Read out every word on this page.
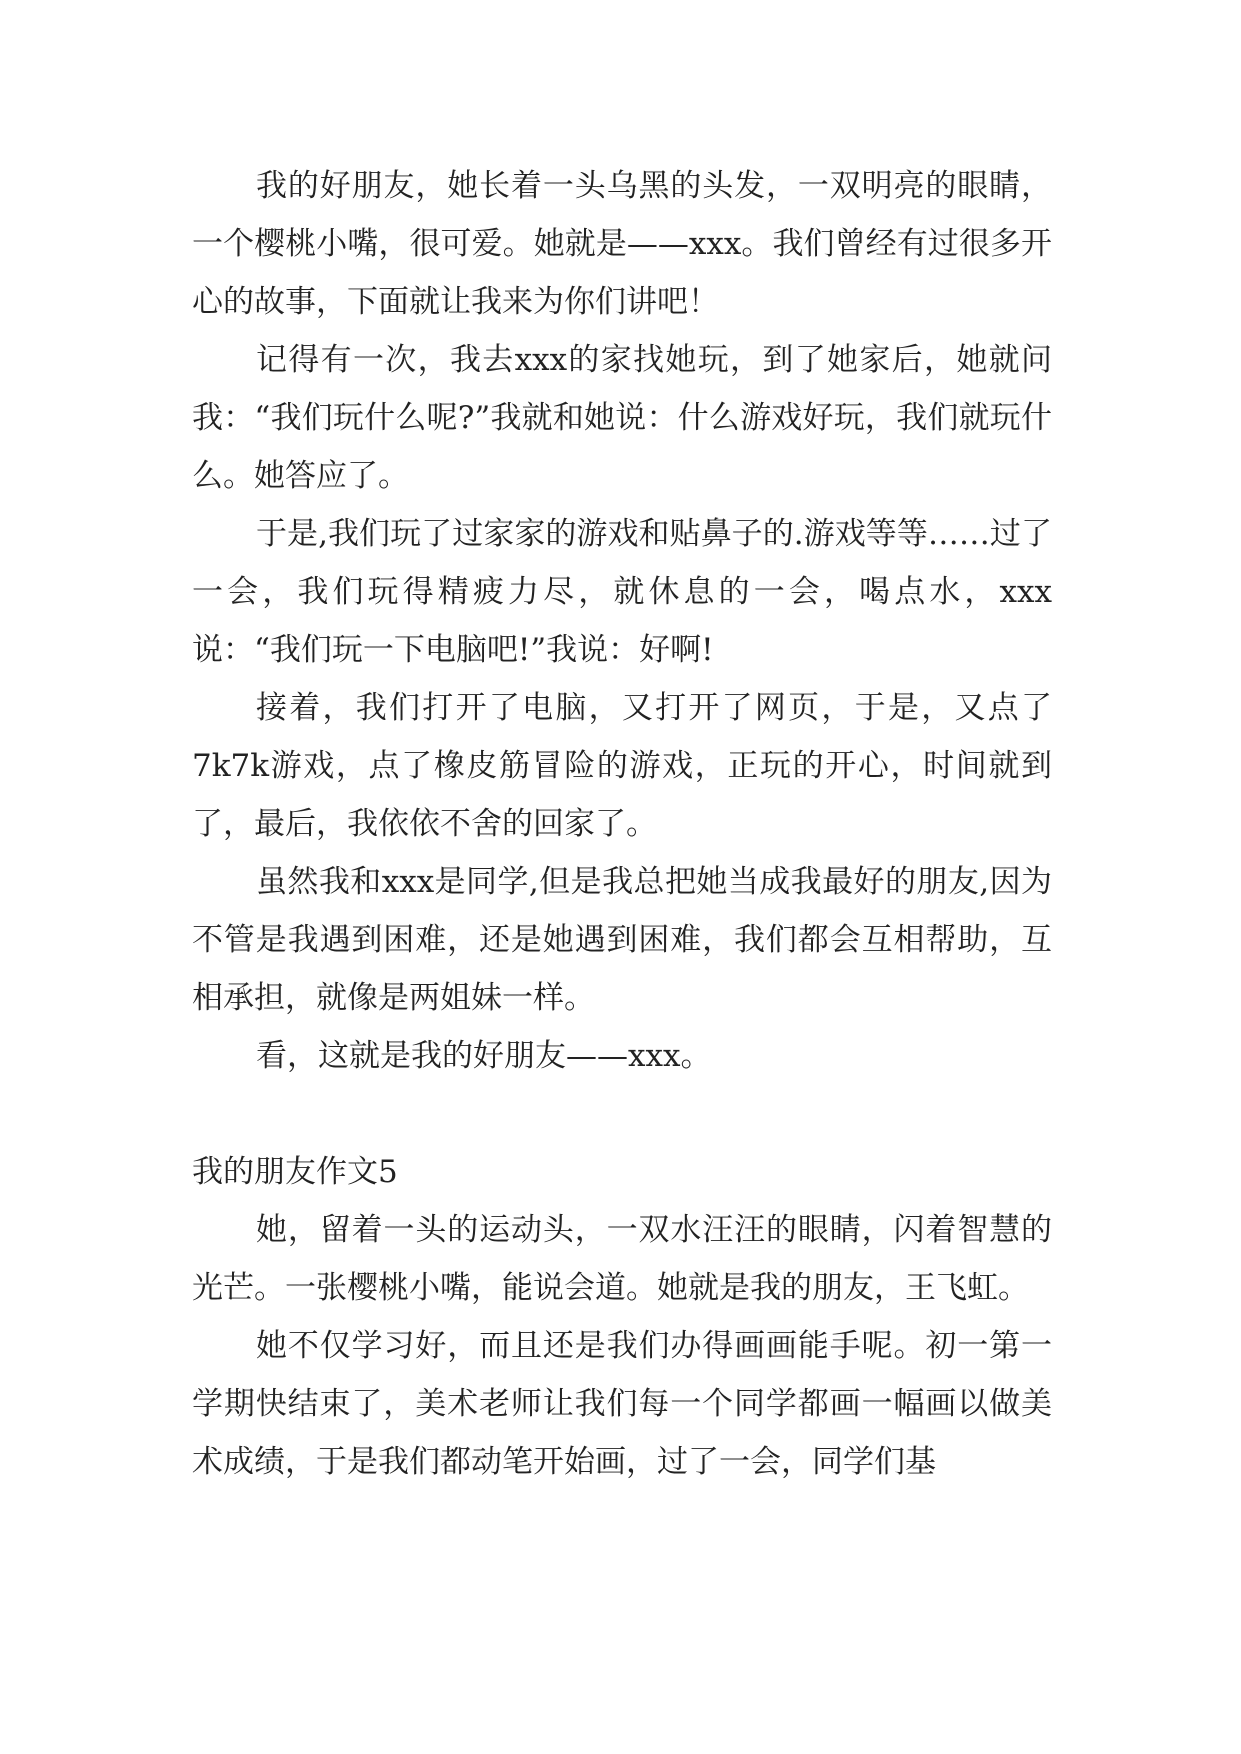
我的好朋友，她长着一头乌黑的头发，一双明亮的眼睛，一个樱桃小嘴，很可爱。她就是——xxx。我们曾经有过很多开心的故事，下面就让我来为你们讲吧！

记得有一次，我去xxx的家找她玩，到了她家后，她就问我：“我们玩什么呢?”我就和她说：什么游戏好玩，我们就玩什么。她答应了。

于是,我们玩了过家家的游戏和贴鼻子的.游戏等等……过了一会，我们玩得精疲力尽，就休息的一会，喝点水，xxx说：“我们玩一下电脑吧!”我说：好啊!

接着，我们打开了电脑，又打开了网页，于是，又点了7k7k游戏，点了橡皮筋冒险的游戏，正玩的开心，时间就到了，最后，我依依不舍的回家了。

虽然我和xxx是同学,但是我总把她当成我最好的朋友,因为不管是我遇到困难，还是她遇到困难，我们都会互相帮助，互相承担，就像是两姐妹一样。

看，这就是我的好朋友——xxx。

我的朋友作文5

她，留着一头的运动头，一双水汪汪的眼睛，闪着智慧的光芒。一张樱桃小嘴，能说会道。她就是我的朋友，王飞虹。

她不仅学习好，而且还是我们办得画画能手呢。初一第一学期快结束了，美术老师让我们每一个同学都画一幅画以做美术成绩，于是我们都动笔开始画，过了一会，同学们基
